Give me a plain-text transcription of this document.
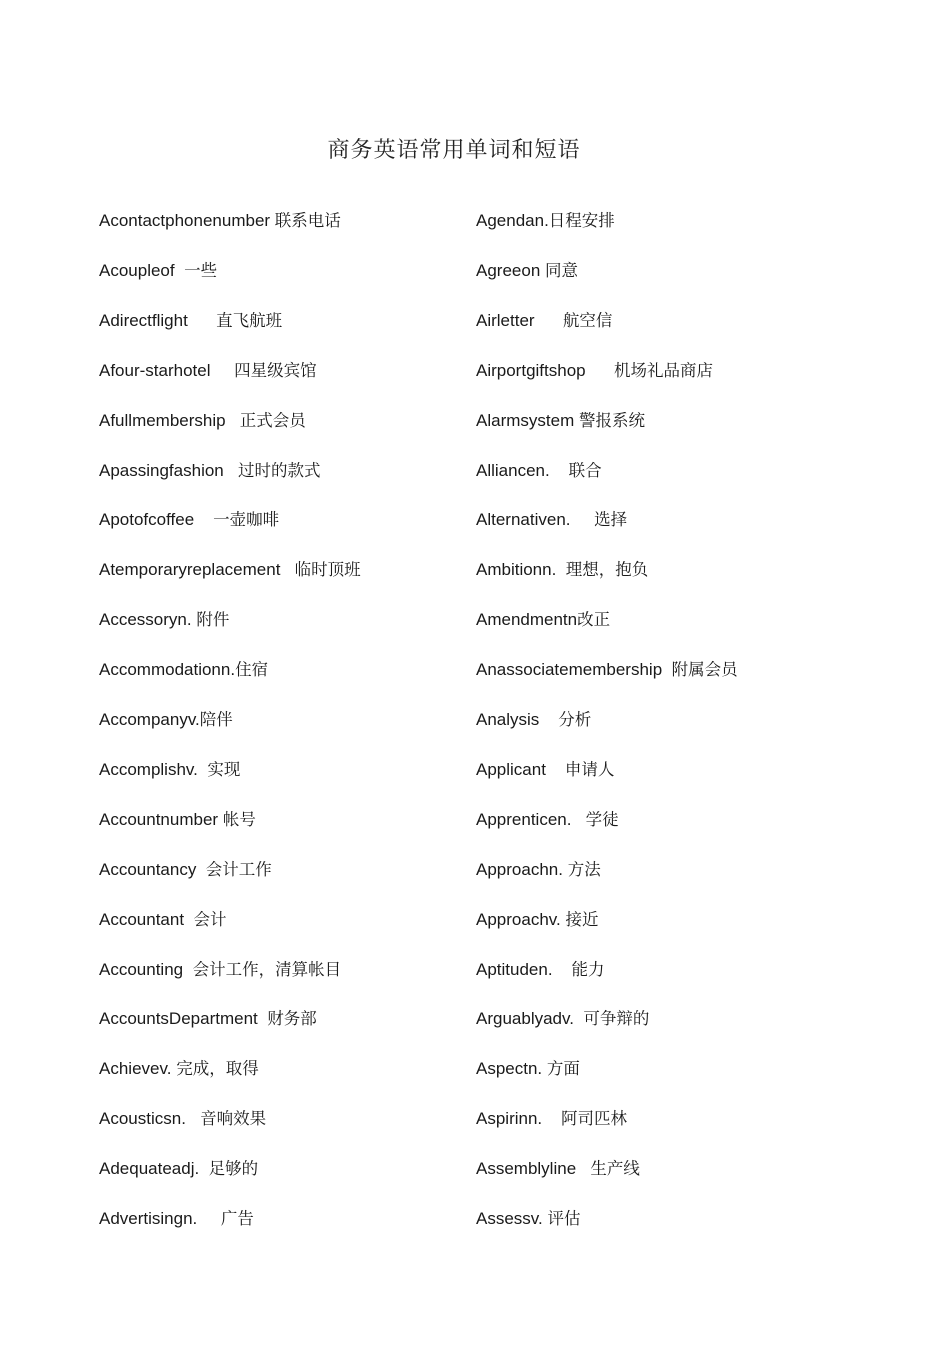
商务英语常用单词和短语
Acontactphonenumber 联系电话
Acoupleof 一些
Adirectflight 直飞航班
Afour-starhotel 四星级宾馆
Afullmembership 正式会员
Apassingfashion 过时的款式
Apotofcoffee 一壶咖啡
Atemporaryreplacement 临时顶班
Accessoryn. 附件
Accommodationn.住宿
Accompanyv.陪伴
Accomplishv. 实现
Accountnumber 帐号
Accountancy 会计工作
Accountant 会计
Accounting 会计工作，清算帐目
AccountsDepartment 财务部
Achievev. 完成，取得
Acousticsn. 音响效果
Adequateadj. 足够的
Advertisingn. 广告
Agendan.日程安排
Agreeon 同意
Airletter 航空信
Airportgiftshop 机场礼品商店
Alarmsystem 警报系统
Alliancen. 联合
Alternativen. 选择
Ambitionn. 理想，抱负
Amendmentn改正
Anassociatemembership 附属会员
Analysis 分析
Applicant 申请人
Apprenticen. 学徒
Approachn. 方法
Approachv. 接近
Aptituden. 能力
Arguablyadv. 可争辩的
Aspectn. 方面
Aspirinn. 阿司匹林
Assemblyline 生产线
Assessv. 评估
